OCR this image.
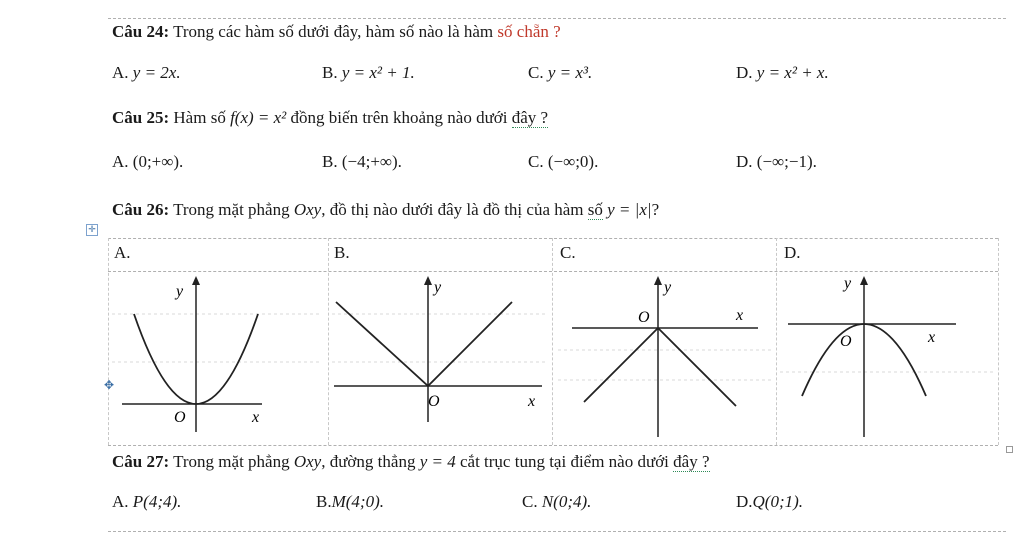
Câu 24: Trong các hàm số dưới đây, hàm số nào là hàm số chẵn ?
A. y = 2x.	B. y = x² + 1.	C. y = x³.	D. y = x² + x.
Câu 25: Hàm số f(x) = x² đồng biến trên khoảng nào dưới đây ?
A. (0;+∞).	B. (−4;+∞).	C. (−∞;0).	D. (−∞;−1).
Câu 26: Trong mặt phẳng Oxy, đồ thị nào dưới đây là đồ thị của hàm số y = |x|?
✛
A.	B.	C.	D.
y
O	x
✥
y
O	x
y
O	x
y
O	x
Câu 27: Trong mặt phẳng Oxy, đường thẳng y = 4 cắt trục tung tại điểm nào dưới đây ?
A. P(4;4).	B.M(4;0).	C. N(0;4).	D.Q(0;1).
